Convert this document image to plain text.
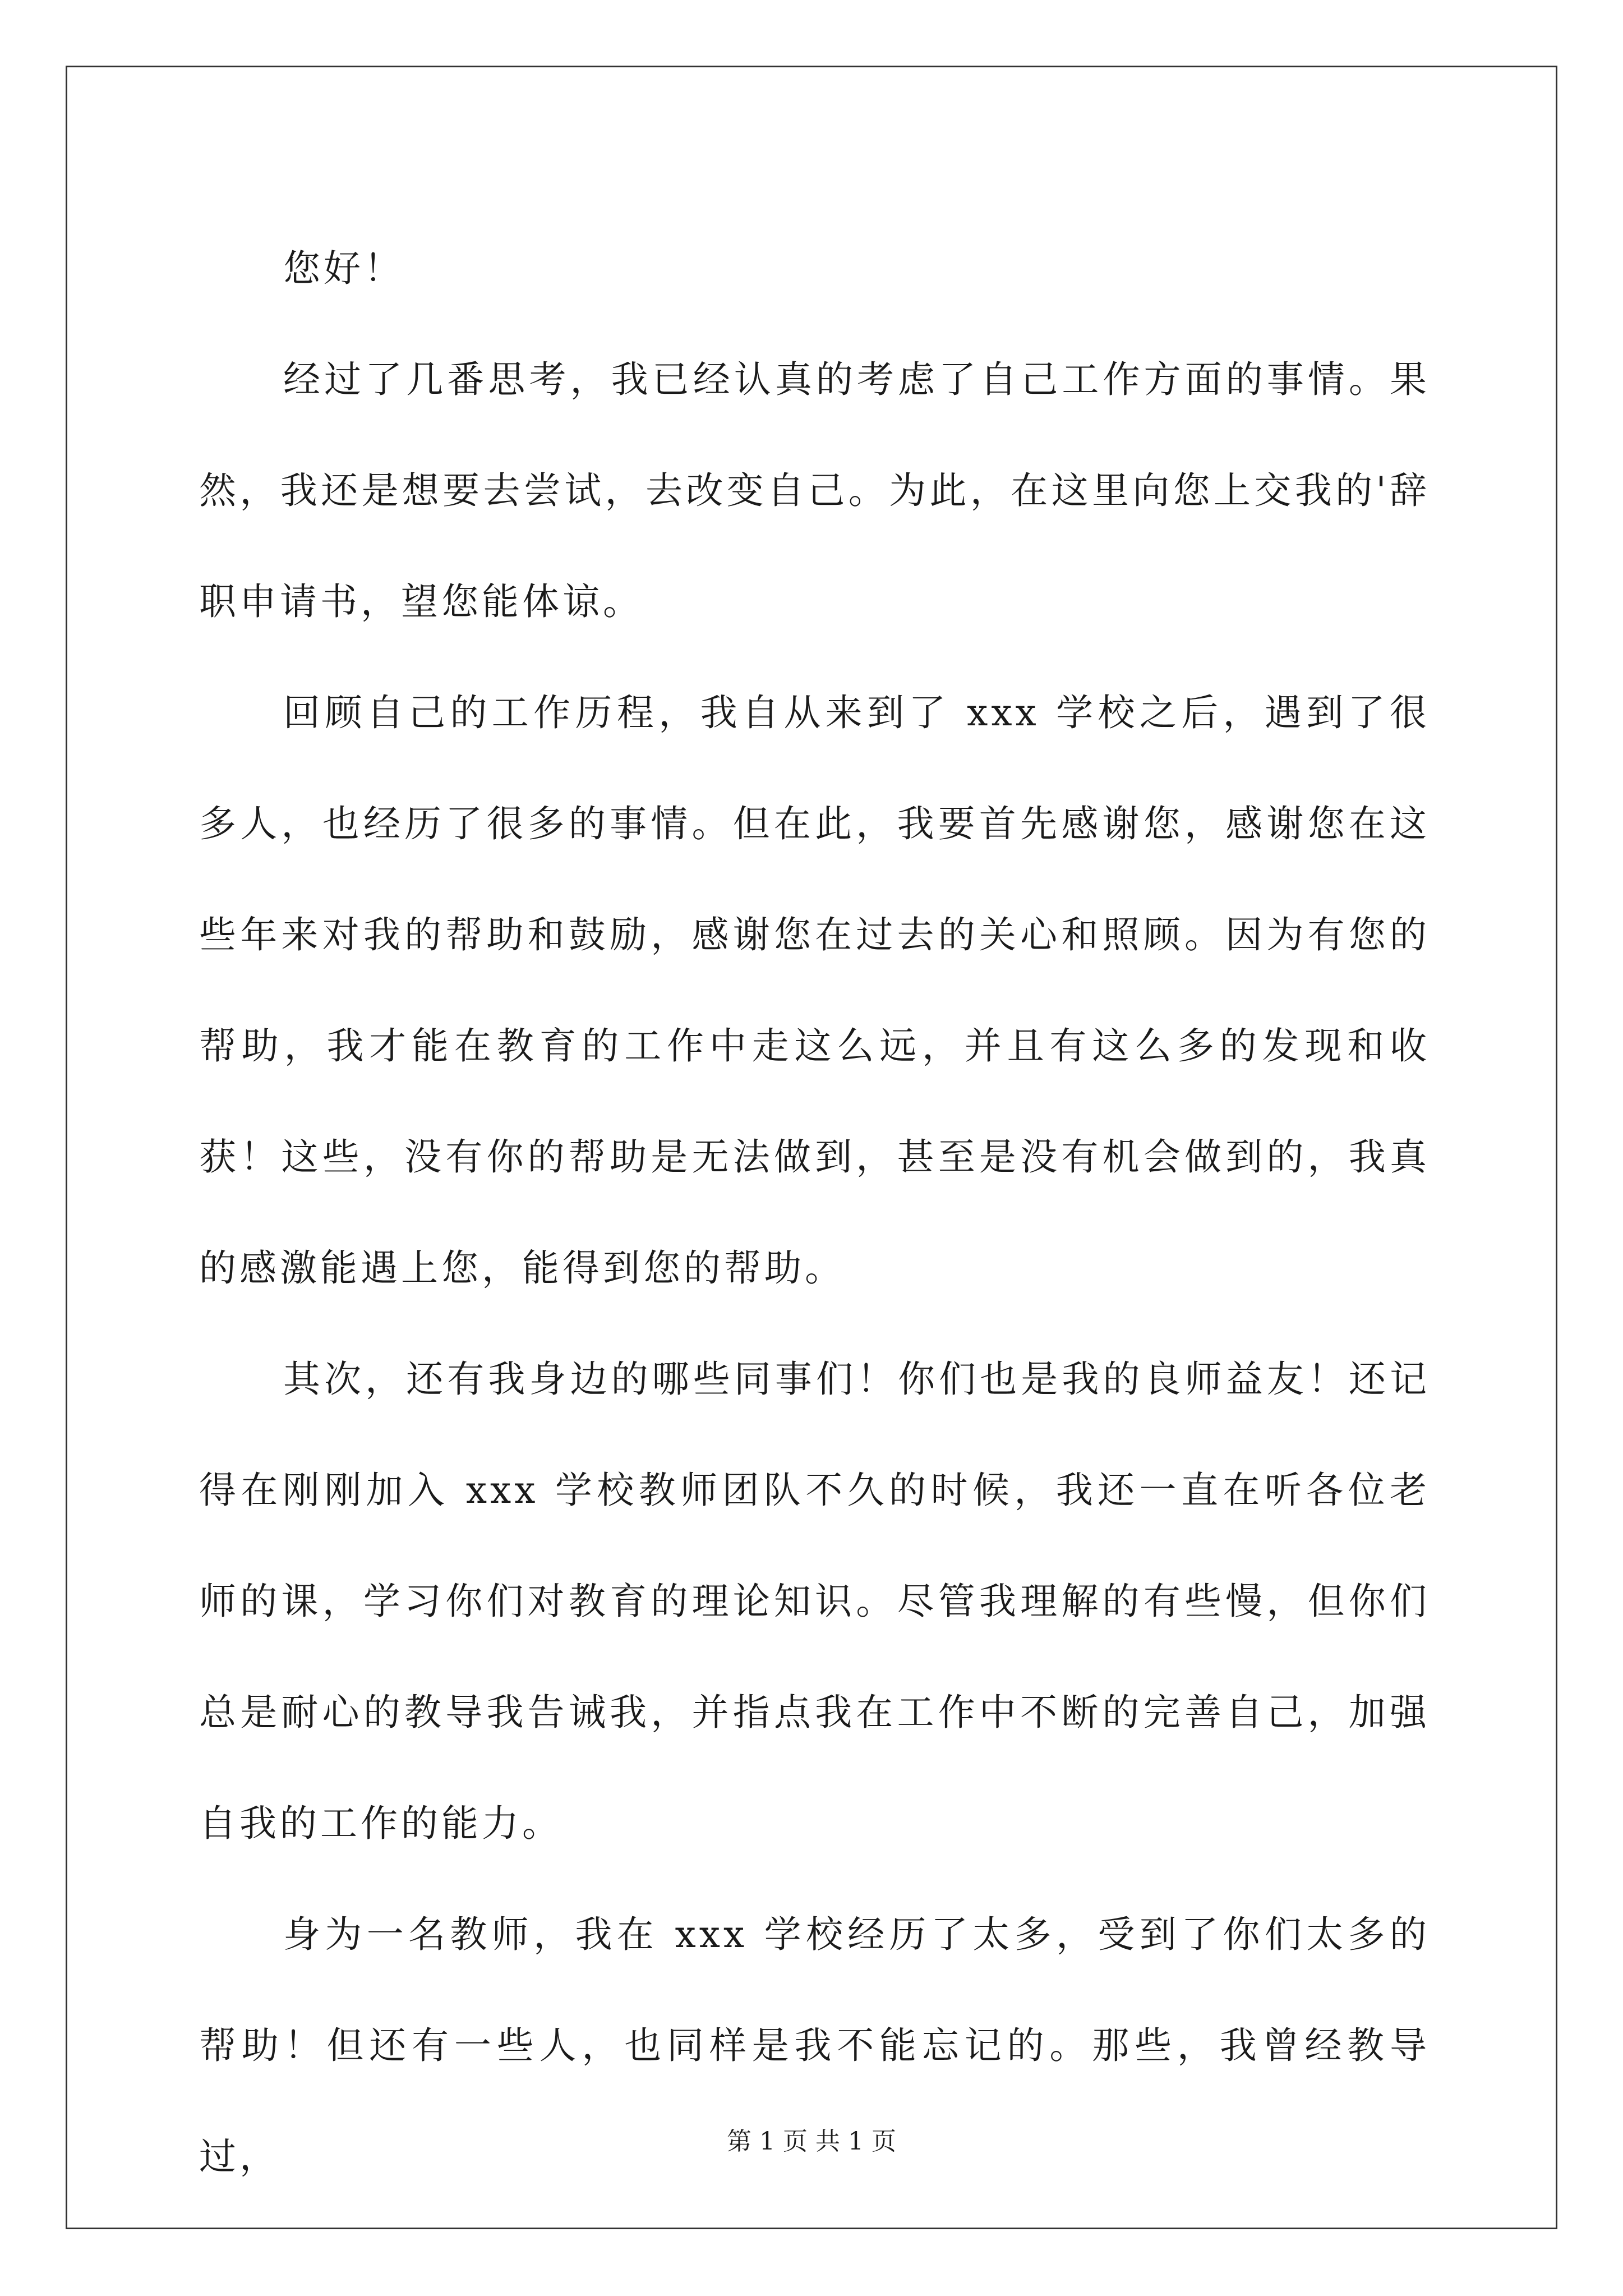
您好！

经过了几番思考，我已经认真的考虑了自己工作方面的事情。果然，我还是想要去尝试，去改变自己。为此，在这里向您上交我的'辞职申请书，望您能体谅。

回顾自己的工作历程，我自从来到了 xxx 学校之后，遇到了很多人，也经历了很多的事情。但在此，我要首先感谢您，感谢您在这些年来对我的帮助和鼓励，感谢您在过去的关心和照顾。因为有您的帮助，我才能在教育的工作中走这么远，并且有这么多的发现和收获！这些，没有你的帮助是无法做到，甚至是没有机会做到的，我真的感激能遇上您，能得到您的帮助。

其次，还有我身边的哪些同事们！你们也是我的良师益友！还记得在刚刚加入 xxx 学校教师团队不久的时候，我还一直在听各位老师的课，学习你们对教育的理论知识。尽管我理解的有些慢，但你们总是耐心的教导我告诫我，并指点我在工作中不断的完善自己，加强自我的工作的能力。

身为一名教师，我在 xxx 学校经历了太多，受到了你们太多的帮助！但还有一些人，也同样是我不能忘记的。那些，我曾经教导过，	第 1 页 共 1 页
